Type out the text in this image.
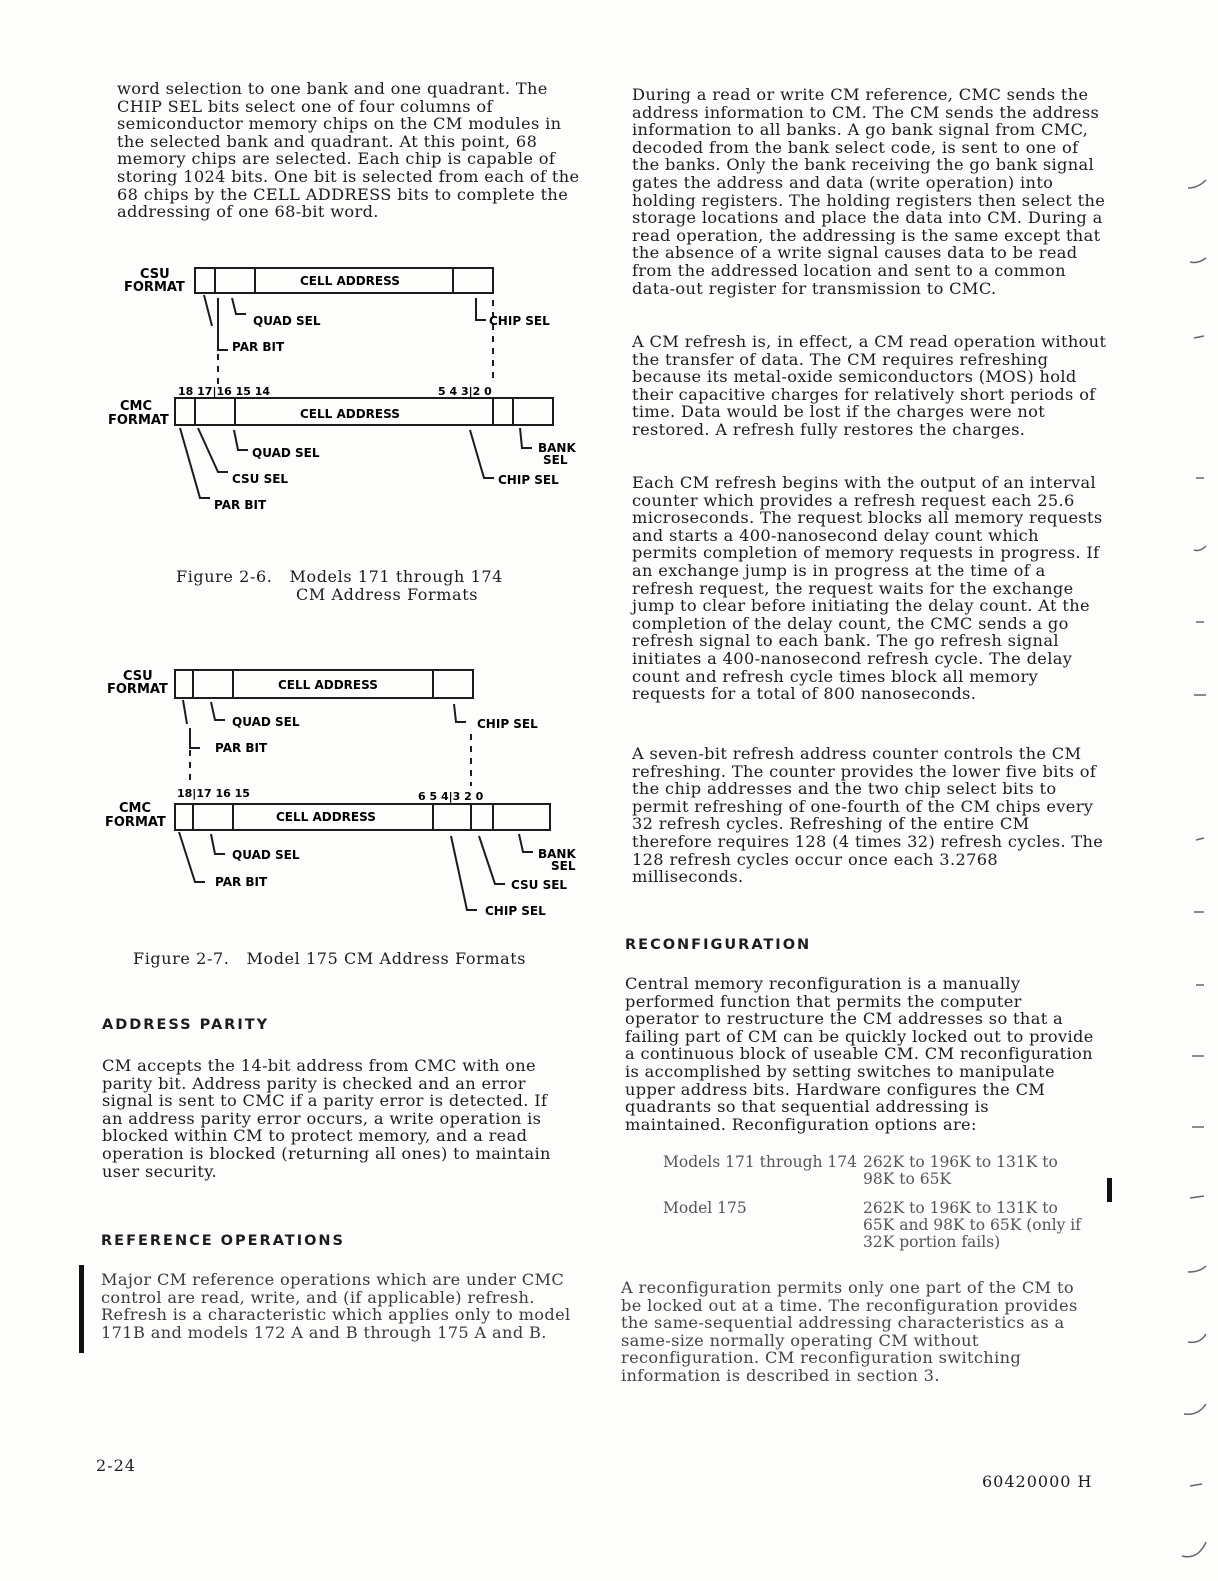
word selection to one bank and one quadrant. The CHIP SEL bits select one of four columns of semiconductor memory chips on the CM modules in the selected bank and quadrant. At this point, 68 memory chips are selected. Each chip is capable of storing 1024 bits. One bit is selected from each of the 68 chips by the CELL ADDRESS bits to complete the addressing of one 68-bit word.

CSU
FORMAT	CELL ADDRESS
QUAD SEL
PAR BIT
CHIP SEL
18 17|16 15 14	5 4 3|2 0
CMC
FORMAT	CELL ADDRESS
QUAD SEL
CSU SEL
PAR BIT
BANK
SEL
CHIP SEL
Figure 2-6.   Models 171 through 174
CM Address Formats
CSU
FORMAT	CELL ADDRESS
QUAD SEL
PAR BIT
CHIP SEL
18|17 16 15	6 5 4|3 2 0
CMC
FORMAT	CELL ADDRESS
QUAD SEL
PAR BIT
BANK
SEL
CSU SEL
CHIP SEL
Figure 2-7.   Model 175 CM Address Formats
ADDRESS PARITY

CM accepts the 14-bit address from CMC with one parity bit. Address parity is checked and an error signal is sent to CMC if a parity error is detected. If an address parity error occurs, a write operation is blocked within CM to protect memory, and a read operation is blocked (returning all ones) to maintain user security.

REFERENCE OPERATIONS

Major CM reference operations which are under CMC control are read, write, and (if applicable) refresh. Refresh is a characteristic which applies only to model 171B and models 172 A and B through 175 A and B.

2-24

During a read or write CM reference, CMC sends the address information to CM. The CM sends the address information to all banks. A go bank signal from CMC, decoded from the bank select code, is sent to one of the banks. Only the bank receiving the go bank signal gates the address and data (write operation) into holding registers. The holding registers then select the storage locations and place the data into CM. During a read operation, the addressing is the same except that the absence of a write signal causes data to be read from the addressed location and sent to a common data-out register for transmission to CMC.

A CM refresh is, in effect, a CM read operation without the transfer of data. The CM requires refreshing because its metal-oxide semiconductors (MOS) hold their capacitive charges for relatively short periods of time. Data would be lost if the charges were not restored. A refresh fully restores the charges.

Each CM refresh begins with the output of an interval counter which provides a refresh request each 25.6 microseconds. The request blocks all memory requests and starts a 400-nanosecond delay count which permits completion of memory requests in progress. If an exchange jump is in progress at the time of a refresh request, the request waits for the exchange jump to clear before initiating the delay count. At the completion of the delay count, the CMC sends a go refresh signal to each bank. The go refresh signal initiates a 400-nanosecond refresh cycle. The delay count and refresh cycle times block all memory requests for a total of 800 nanoseconds.

A seven-bit refresh address counter controls the CM refreshing. The counter provides the lower five bits of the chip addresses and the two chip select bits to permit refreshing of one-fourth of the CM chips every 32 refresh cycles. Refreshing of the entire CM therefore requires 128 (4 times 32) refresh cycles. The 128 refresh cycles occur once each 3.2768 milliseconds.

RECONFIGURATION

Central memory reconfiguration is a manually performed function that permits the computer operator to restructure the CM addresses so that a failing part of CM can be quickly locked out to provide a continuous block of useable CM. CM reconfiguration is accomplished by setting switches to manipulate upper address bits. Hardware configures the CM quadrants so that sequential addressing is maintained. Reconfiguration options are:

Models 171 through 174	262K to 196K to 131K to 98K to 65K
Model 175	262K to 196K to 131K to 65K and 98K to 65K (only if 32K portion fails)

A reconfiguration permits only one part of the CM to be locked out at a time. The reconfiguration provides the same-sequential addressing characteristics as a same-size normally operating CM without reconfiguration. CM reconfiguration switching information is described in section 3.

60420000 H
